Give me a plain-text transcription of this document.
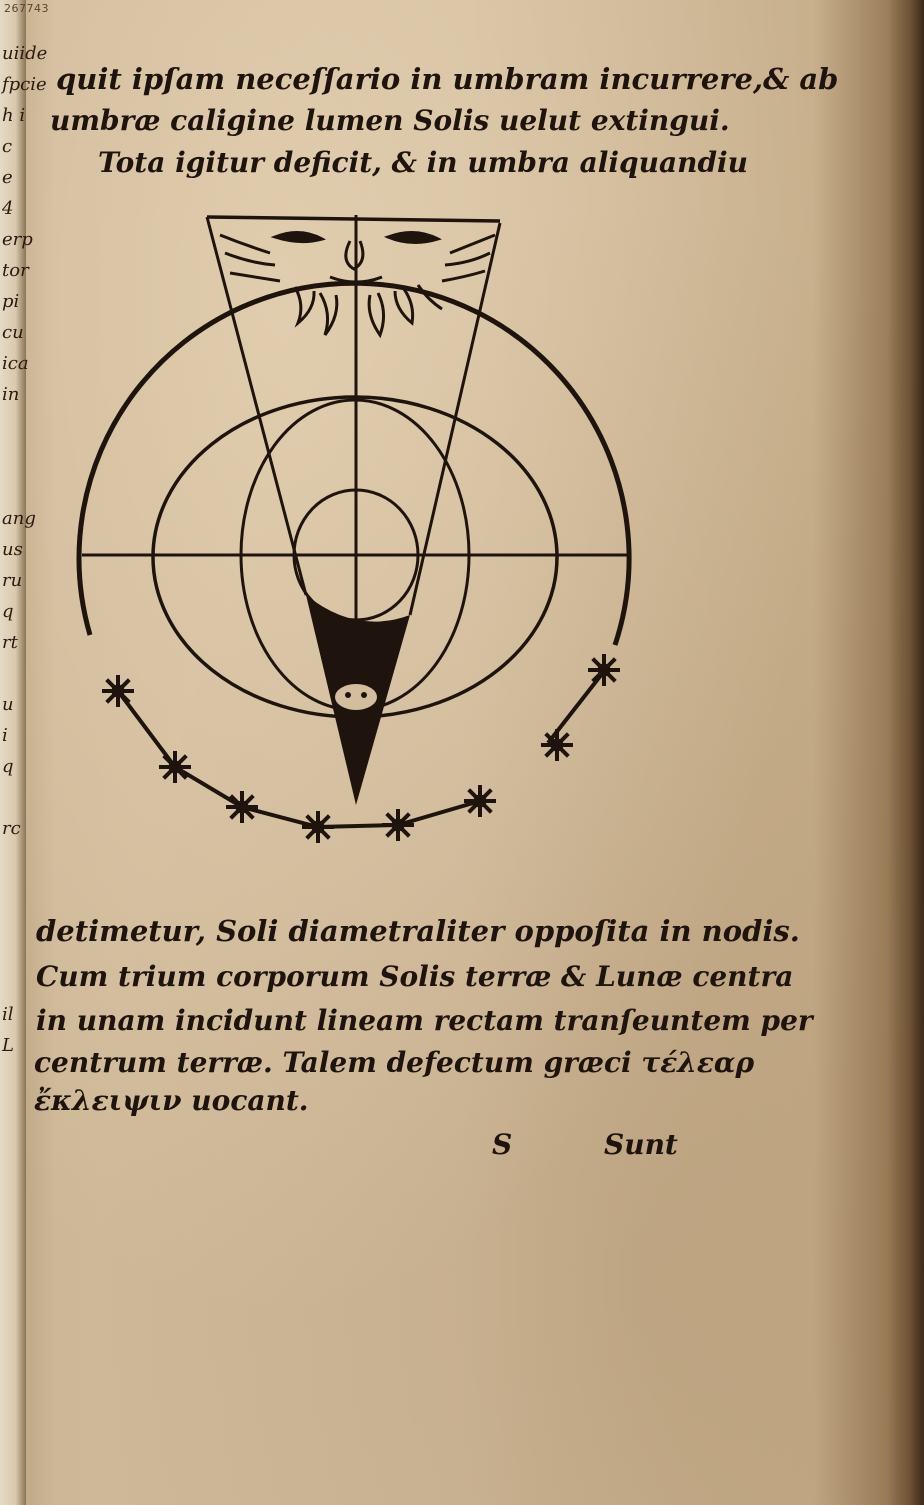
uiide
fpcie
h i
c
e 4
erp
tor
pi
cu
ica
in

ang
us
ru
q
rt

u
i
q

rc

il
L
267743
quit ipſam neceſſario in umbram incurrere,& ab
umbræ caligine lumen Solis uelut extingui.
Tota igitur deficit, & in umbra aliquandiu
detimetur, Soli diametraliter oppoſita in nodis.
Cum trium corporum Solis terræ & Lunæ centra
in unam incidunt lineam rectam tranſeuntem per
centrum terræ. Talem defectum græci τέλεαρ
ἔκλειψιν uocant.
S	Sunt
